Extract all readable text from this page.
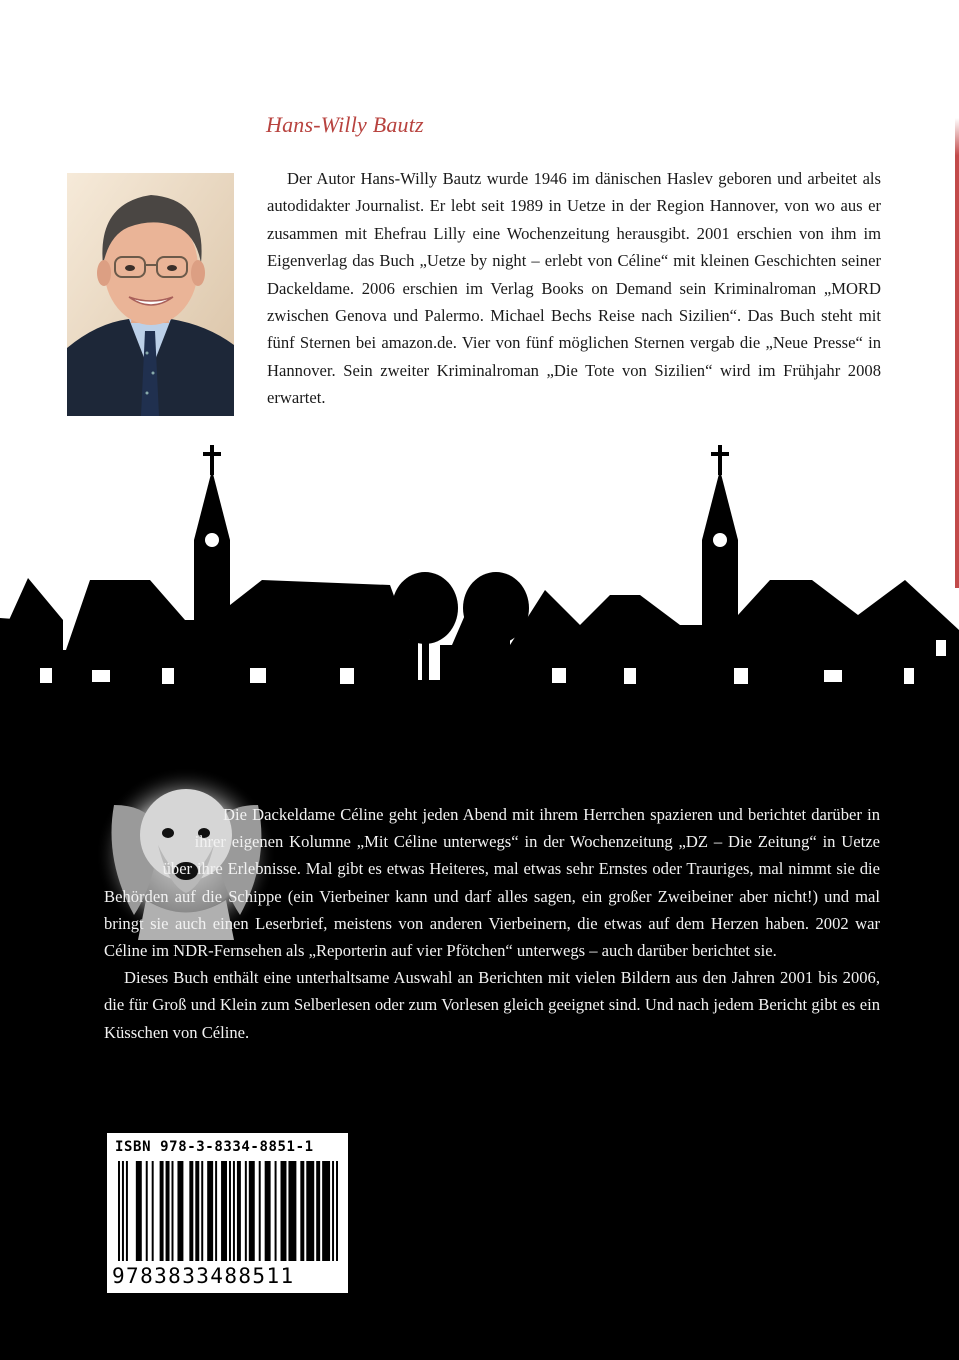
Hans-Willy Bautz

Der Autor Hans-Willy Bautz wurde 1946 im dänischen Haslev geboren und arbeitet als autodidakter Journalist. Er lebt seit 1989 in Uetze in der Region Hannover, von wo aus er zusammen mit Ehefrau Lilly eine Wochenzeitung herausgibt. 2001 erschien von ihm im Eigenverlag das Buch „Uetze by night – erlebt von Céline“ mit kleinen Geschichten seiner Dackeldame. 2006 erschien im Verlag Books on Demand sein Kriminalroman „MORD zwischen Genova und Palermo. Michael Bechs Reise nach Sizilien“. Das Buch steht mit fünf Sternen bei amazon.de. Vier von fünf möglichen Sternen vergab die „Neue Presse“ in Hannover. Sein zweiter Kriminalroman „Die Tote von Sizilien“ wird im Frühjahr 2008 erwartet.

Die Dackeldame Céline geht jeden Abend mit ihrem Herrchen spazieren und berichtet darüber in ihrer eigenen Kolumne „Mit Céline unterwegs“ in der Wochenzeitung „DZ – Die Zeitung“ in Uetze über ihre Erlebnisse. Mal gibt es etwas Heiteres, mal etwas sehr Ernstes oder Trauriges, mal nimmt sie die Behörden auf die Schippe (ein Vierbeiner kann und darf alles sagen, ein großer Zweibeiner aber nicht!) und mal bringt sie auch einen Leserbrief, meistens von anderen Vierbeinern, die etwas auf dem Herzen haben. 2002 war Céline im NDR-Fernsehen als „Reporterin auf vier Pfötchen“ unterwegs – auch darüber berichtet sie.

Dieses Buch enthält eine unterhaltsame Auswahl an Berichten mit vielen Bildern aus den Jahren 2001 bis 2006, die für Groß und Klein zum Selberlesen oder zum Vorlesen gleich geeignet sind. Und nach jedem Bericht gibt es ein Küsschen von Céline.

ISBN 978-3-8334-8851-1

9783833488511
